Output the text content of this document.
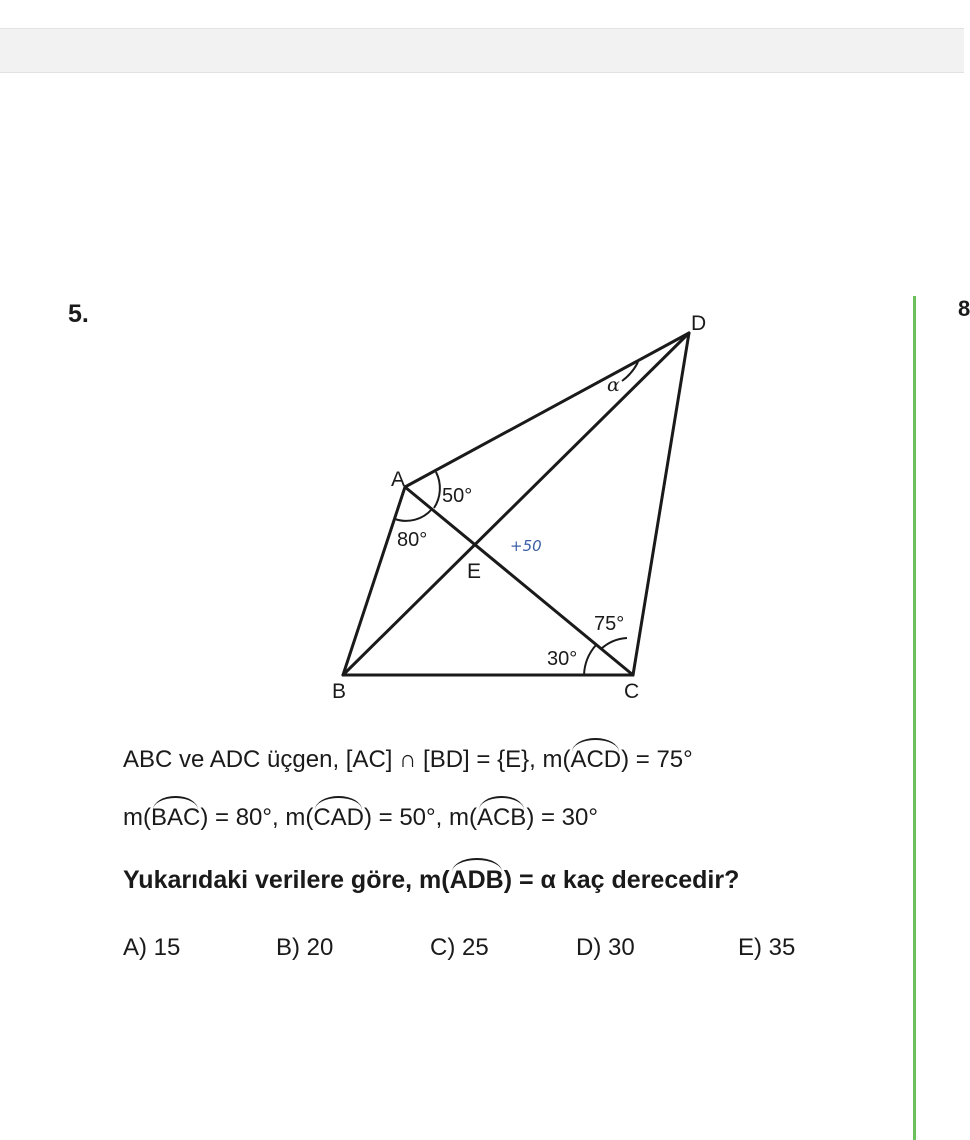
5.
A
B	C
D
E
50°
80°
75°
30°
α
+50
ABC ve ADC üçgen, [AC] ∩ [BD] = {E}, m(ACD) = 75°
m(BAC) = 80°, m(CAD) = 50°, m(ACB) = 30°
Yukarıdaki verilere göre, m(ADB) = α kaç derecedir?
A) 15	B) 20	C) 25	D) 30	E) 35
8
